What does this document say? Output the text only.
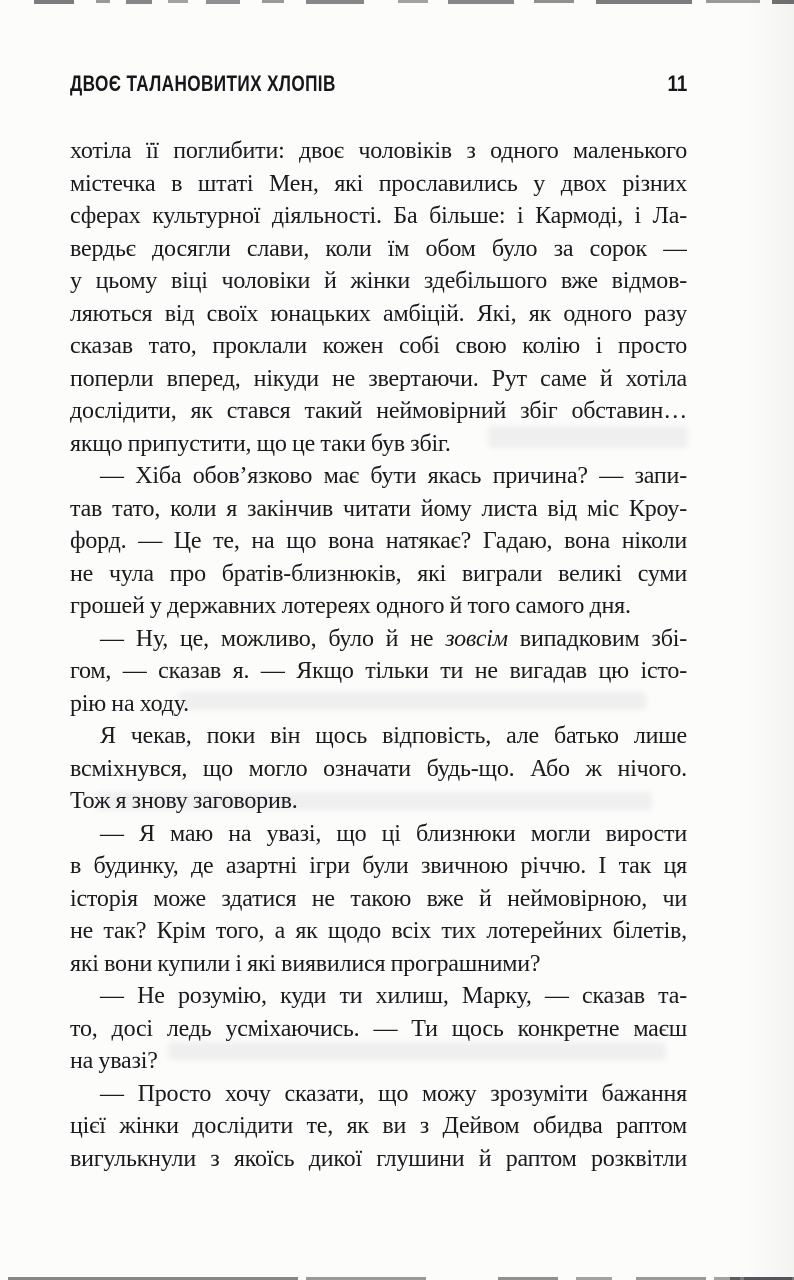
ДВОЄ ТАЛАНОВИТИХ ХЛОПІВ	11
хотіла її поглибити: двоє чоловіків з одного маленького
містечка в штаті Мен, які прославились у двох різних
сферах культурної діяльності. Ба більше: і Кармоді, і Ла-
вердьє досягли слави, коли їм обом було за сорок —
у цьому віці чоловіки й жінки здебільшого вже відмов-
ляються від своїх юнацьких амбіцій. Які, як одного разу
сказав тато, проклали кожен собі свою колію і просто
поперли вперед, нікуди не звертаючи. Рут саме й хотіла
дослідити, як стався такий неймовірний збіг обставин…
якщо припустити, що це таки був збіг.
— Хіба обов’язково має бути якась причина? — запи-
тав тато, коли я закінчив читати йому листа від міс Кроу-
форд. — Це те, на що вона натякає? Гадаю, вона ніколи
не чула про братів-близнюків, які виграли великі суми
грошей у державних лотереях одного й того самого дня.
— Ну, це, можливо, було й не зовсім випадковим збі-
гом, — сказав я. — Якщо тільки ти не вигадав цю істо-
рію на ходу.
Я чекав, поки він щось відповість, але батько лише
всміхнувся, що могло означати будь-що. Або ж нічого.
Тож я знову заговорив.
— Я маю на увазі, що ці близнюки могли вирости
в будинку, де азартні ігри були звичною річчю. І так ця
історія може здатися не такою вже й неймовірною, чи
не так? Крім того, а як щодо всіх тих лотерейних білетів,
які вони купили і які виявилися програшними?
— Не розумію, куди ти хилиш, Марку, — сказав та-
то, досі ледь усміхаючись. — Ти щось конкретне маєш
на увазі?
— Просто хочу сказати, що можу зрозуміти бажання
цієї жінки дослідити те, як ви з Дейвом обидва раптом
вигулькнули з якоїсь дикої глушини й раптом розквітли
